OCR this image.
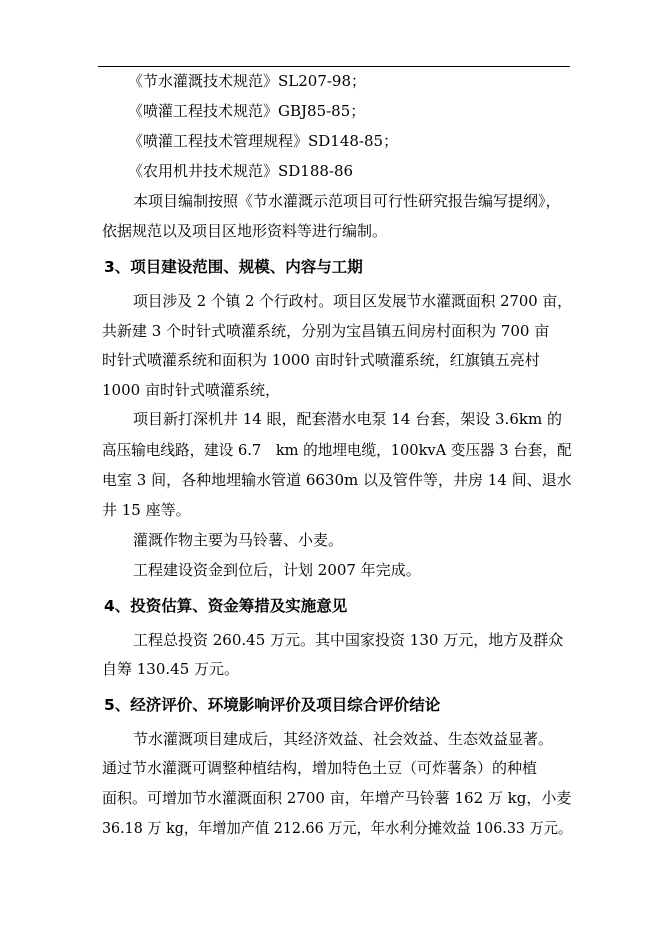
《节水灌溉技术规范》SL207-98；
《喷灌工程技术规范》GBJ85-85；
《喷灌工程技术管理规程》SD148-85；
《农用机井技术规范》SD188-86
本项目编制按照《节水灌溉示范项目可行性研究报告编写提纲》，
依据规范以及项目区地形资料等进行编制。
3、项目建设范围、规模、内容与工期
项目涉及 2 个镇 2 个行政村。项目区发展节水灌溉面积 2700 亩，
共新建 3 个时针式喷灌系统，分别为宝昌镇五间房村面积为 700 亩
时针式喷灌系统和面积为 1000 亩时针式喷灌系统，红旗镇五亮村
1000 亩时针式喷灌系统，
项目新打深机井 14 眼，配套潜水电泵 14 台套，架设 3.6km 的
高压输电线路，建设 6.7　km 的地埋电缆，100kvA 变压器 3 台套，配
电室 3 间，各种地埋输水管道 6630m 以及管件等，井房 14 间、退水
井 15 座等。
灌溉作物主要为马铃薯、小麦。
工程建设资金到位后，计划 2007 年完成。
4、投资估算、资金筹措及实施意见
工程总投资 260.45 万元。其中国家投资 130 万元，地方及群众
自筹 130.45 万元。
5、经济评价、环境影响评价及项目综合评价结论
节水灌溉项目建成后，其经济效益、社会效益、生态效益显著。
通过节水灌溉可调整种植结构，增加特色土豆（可炸薯条）的种植
面积。可增加节水灌溉面积 2700 亩，年增产马铃薯 162 万 kg，小麦
36.18 万 kg，年增加产值 212.66 万元，年水利分摊效益 106.33 万元。
